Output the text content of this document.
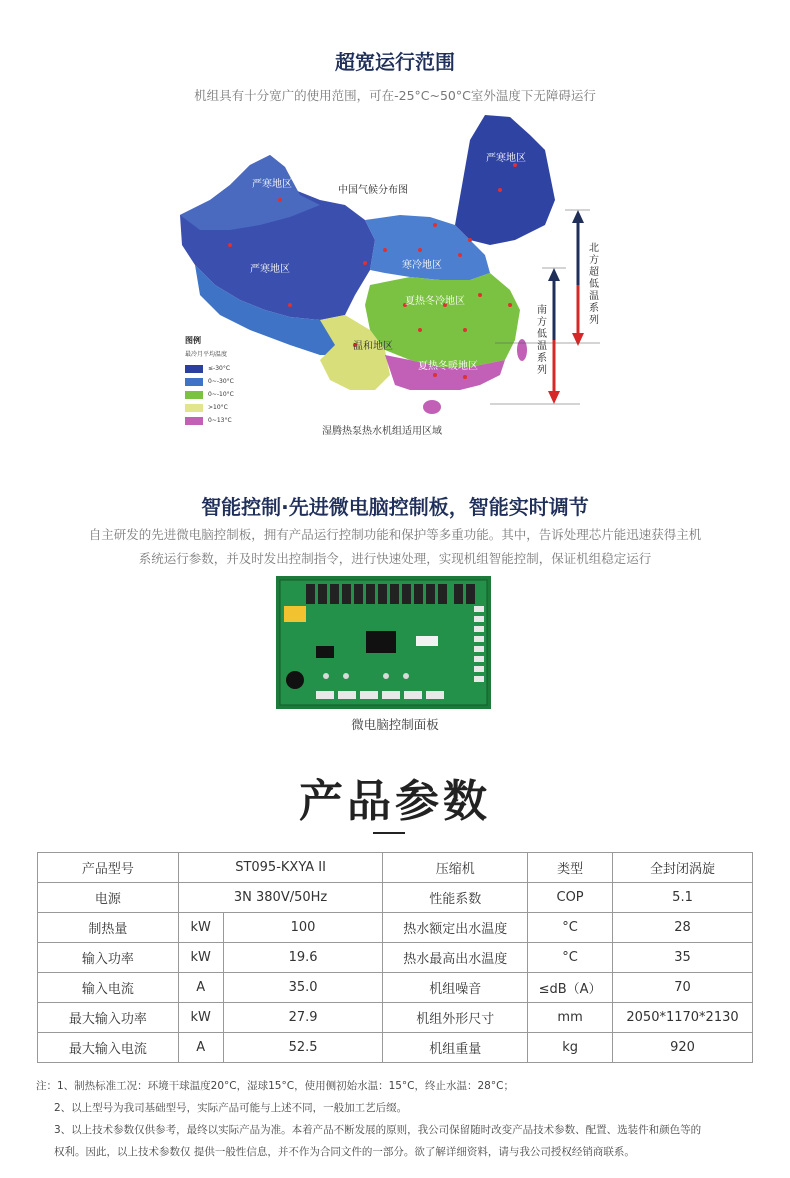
超宽运行范围
机组具有十分宽广的使用范围，可在-25°C~50°C室外温度下无障碍运行
中国气候分布图
严寒地区
严寒地区
严寒地区	寒冷地区
夏热冬冷地区
温和地区
夏热冬暖地区
图例
最冷月平均温度
≤-30°C
0~-30°C
0~-10°C
>10°C
0~13°C
北方超低温系列
南方低温系列
湿腾热泵热水机组适用区域
智能控制·先进微电脑控制板，智能实时调节
自主研发的先进微电脑控制板，拥有产品运行控制功能和保护等多重功能。其中，告诉处理芯片能迅速获得主机
系统运行参数，并及时发出控制指令，进行快速处理，实现机组智能控制，保证机组稳定运行
微电脑控制面板
产品参数
产品型号	ST095-KXYA II		压缩机	类型	全封闭涡旋
电源	3N 380V/50Hz		性能系数	COP	5.1
制热量	kW	100	热水额定出水温度	°C	28
输入功率	kW	19.6	热水最高出水温度	°C	35
输入电流	A	35.0	机组噪音	≤dB（A）	70
最大输入功率	kW	27.9	机组外形尺寸	mm	2050*1170*2130
最大输入电流	A	52.5	机组重量	kg	920
注：1、制热标准工况：环境干球温度20°C，湿球15°C，使用侧初始水温：15°C，终止水温：28°C；
2、以上型号为我司基础型号，实际产品可能与上述不同，一般加工艺后缀。
3、以上技术参数仅供参考，最终以实际产品为准。本着产品不断发展的原则，我公司保留随时改变产品技术参数、配置、选装件和颜色等的
权利。因此，以上技术参数仅 提供一般性信息，并不作为合同文件的一部分。欲了解详细资料，请与我公司授权经销商联系。
